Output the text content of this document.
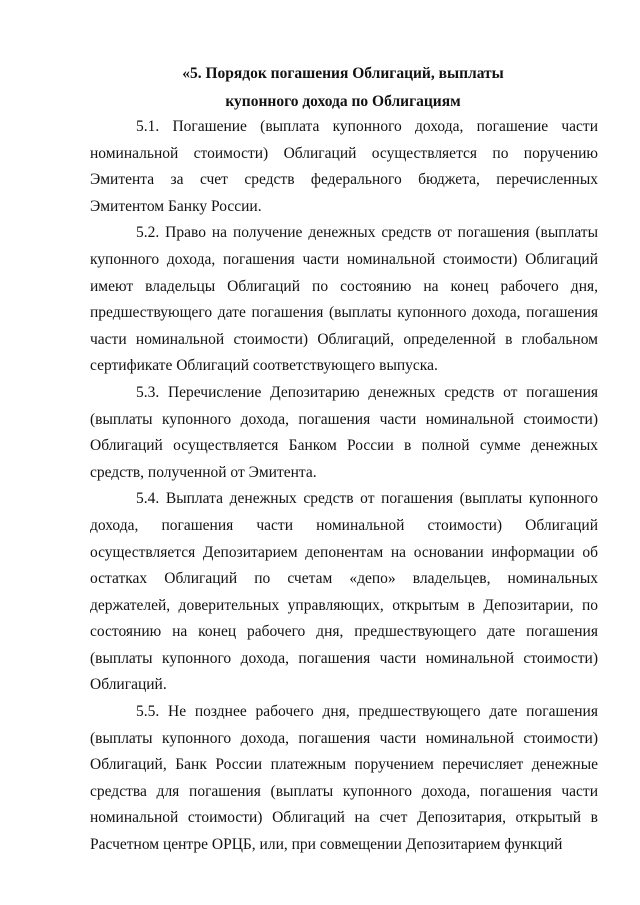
«5. Порядок погашения Облигаций, выплаты
купонного дохода по Облигациям

5.1. Погашение (выплата купонного дохода, погашение части номинальной стоимости) Облигаций осуществляется по поручению Эмитента за счет средств федерального бюджета, перечисленных Эмитентом Банку России.

5.2. Право на получение денежных средств от погашения (выплаты купонного дохода, погашения части номинальной стоимости) Облигаций имеют владельцы Облигаций по состоянию на конец рабочего дня, предшествующего дате погашения (выплаты купонного дохода, погашения части номинальной стоимости) Облигаций, определенной в глобальном сертификате Облигаций соответствующего выпуска.

5.3. Перечисление Депозитарию денежных средств от погашения (выплаты купонного дохода, погашения части номинальной стоимости) Облигаций осуществляется Банком России в полной сумме денежных средств, полученной от Эмитента.

5.4. Выплата денежных средств от погашения (выплаты купонного дохода, погашения части номинальной стоимости) Облигаций осуществляется Депозитарием депонентам на основании информации об остатках Облигаций по счетам «депо» владельцев, номинальных держателей, доверительных управляющих, открытым в Депозитарии, по состоянию на конец рабочего дня, предшествующего дате погашения (выплаты купонного дохода, погашения части номинальной стоимости) Облигаций.

5.5. Не позднее рабочего дня, предшествующего дате погашения (выплаты купонного дохода, погашения части номинальной стоимости) Облигаций, Банк России платежным поручением перечисляет денежные средства для погашения (выплаты купонного дохода, погашения части номинальной стоимости) Облигаций на счет Депозитария, открытый в Расчетном центре ОРЦБ, или, при совмещении Депозитарием функций
